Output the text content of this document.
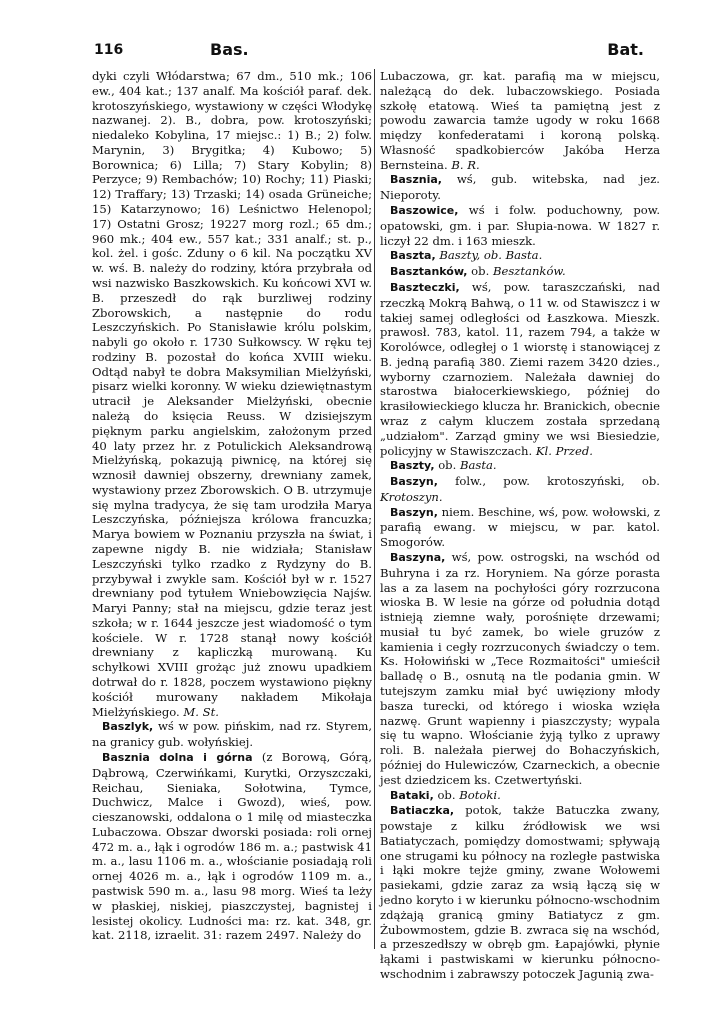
116	Bas.	Bat.

dyki czyli Włódarstwa; 67 dm., 510 mk.; 106 ew., 404 kat.; 137 analf. Ma kościół paraf. dek. krotoszyńskiego, wystawiony w części Włodykę nazwanej. 2). B., dobra, pow. krotoszyński; niedaleko Kobylina, 17 miejsc.: 1) B.; 2) folw. Marynin, 3) Brygitka; 4) Kubowo; 5) Borownica; 6) Lilla; 7) Stary Kobylin; 8) Perzyce; 9) Rembachów; 10) Rochy; 11) Piaski; 12) Traffary; 13) Trzaski; 14) osada Grüneiche; 15) Katarzynowo; 16) Leśnictwo Helenopol; 17) Ostatni Grosz; 19227 morg rozl.; 65 dm.; 960 mk.; 404 ew., 557 kat.; 331 analf.; st. p., kol. żel. i gośc. Zduny o 6 kil. Na początku XV w. wś. B. należy do rodziny, która przybrała od wsi nazwisko Baszkowskich. Ku końcowi XVI w. B. przeszedł do rąk burzliwej rodziny Zborowskich, a następnie do rodu Leszczyńskich. Po Stanisławie królu polskim, nabyli go około r. 1730 Sułkowscy. W ręku tej rodziny B. pozostał do końca XVIII wieku. Odtąd nabył te dobra Maksymilian Mielżyński, pisarz wielki koronny. W wieku dziewiętnastym utracił je Aleksander Mielżyński, obecnie należą do księcia Reuss. W dzisiejszym pięknym parku angielskim, założonym przed 40 laty przez hr. z Potulickich Aleksandrową Mielżyńską, pokazują piwnicę, na której się wznosił dawniej obszerny, drewniany zamek, wystawiony przez Zborowskich. O B. utrzymuje się mylna tradycya, że się tam urodziła Marya Leszczyńska, późniejsza królowa francuzka; Marya bowiem w Poznaniu przyszła na świat, i zapewne nigdy B. nie widziała; Stanisław Leszczyński tylko rzadko z Rydzyny do B. przybywał i zwykle sam. Kościół był w r. 1527 drewniany pod tytułem Wniebowzięcia Najśw. Maryi Panny; stał na miejscu, gdzie teraz jest szkoła; w r. 1644 jeszcze jest wiadomość o tym kościele. W r. 1728 stanął nowy kościół drewniany z kapliczką murowaną. Ku schyłkowi XVIII grożąc już znowu upadkiem dotrwał do r. 1828, poczem wystawiono piękny kościół murowany nakładem Mikołaja Mielżyńskiego. M. St.

Baszlyk, wś w pow. pińskim, nad rz. Styrem, na granicy gub. wołyńskiej.

Basznia dolna i górna (z Borową, Górą, Dąbrową, Czerwińkami, Kurytki, Orzyszczaki, Reichau, Sieniaka, Sołotwina, Tymce, Duchwicz, Malce i Gwozd), wieś, pow. cieszanowski, oddalona o 1 milę od miasteczka Lubaczowa. Obszar dworski posiada: roli ornej 472 m. a., łąk i ogrodów 186 m. a.; pastwisk 41 m. a., lasu 1106 m. a., włościanie posiadają roli ornej 4026 m. a., łąk i ogrodów 1109 m. a., pastwisk 590 m. a., lasu 98 morg. Wieś ta leży w płaskiej, niskiej, piaszczystej, bagnistej i lesistej okolicy. Ludności ma: rz. kat. 348, gr. kat. 2118, izraelit. 31: razem 2497. Należy do

Lubaczowa, gr. kat. parafią ma w miejscu, należącą do dek. lubaczowskiego. Posiada szkołę etatową. Wieś ta pamiętną jest z powodu zawarcia tamże ugody w roku 1668 między konfederatami i koroną polską. Własność spadkobierców Jakóba Herza Bernsteina. B. R.

Basznia, wś, gub. witebska, nad jez. Nieporoty.

Baszowice, wś i folw. poduchowny, pow. opatowski, gm. i par. Słupia-nowa. W 1827 r. liczył 22 dm. i 163 mieszk.

Baszta, Baszty, ob. Basta.

Basztanków, ob. Besztanków.

Baszteczki, wś, pow. taraszczański, nad rzeczką Mokrą Bahwą, o 11 w. od Stawiszcz i w takiej samej odległości od Łaszkowa. Mieszk. prawosł. 783, katol. 11, razem 794, a także w Korolówce, odległej o 1 wiorstę i stanowiącej z B. jedną parafią 380. Ziemi razem 3420 dzies., wyborny czarnoziem. Należała dawniej do starostwa białocerkiewskiego, później do krasiłowieckiego klucza hr. Branickich, obecnie wraz z całym kluczem została sprzedaną „udziałom". Zarząd gminy we wsi Biesiedzie, policyjny w Stawiszczach. Kl. Przed.

Baszty, ob. Basta.

Baszyn, folw., pow. krotoszyński, ob. Krotoszyn.

Baszyn, niem. Beschine, wś, pow. wołowski, z parafią ewang. w miejscu, w par. katol. Smogorów.

Baszyna, wś, pow. ostrogski, na wschód od Buhryna i za rz. Horyniem. Na górze porasta las a za lasem na pochyłości góry rozrzucona wioska B. W lesie na górze od południa dotąd istnieją ziemne wały, porośnięte drzewami; musiał tu być zamek, bo wiele gruzów z kamienia i cegły rozrzuconych świadczy o tem. Ks. Hołowiński w „Tece Rozmaitości" umieścił balladę o B., osnutą na tle podania gmin. W tutejszym zamku miał być uwięziony młody basza turecki, od którego i wioska wzięła nazwę. Grunt wapienny i piaszczysty; wypala się tu wapno. Włościanie żyją tylko z uprawy roli. B. należała pierwej do Bohaczyńskich, później do Hulewiczów, Czarneckich, a obecnie jest dziedzicem ks. Czetwertyński.

Bataki, ob. Botoki.

Batiaczka, potok, także Batuczka zwany, powstaje z kilku źródłowisk we wsi Batiatyczach, pomiędzy domostwami; spływają one strugami ku północy na rozległe pastwiska i łąki mokre tejże gminy, zwane Wołowemi pasiekami, gdzie zaraz za wsią łączą się w jedno koryto i w kierunku północno-wschodnim zdążają granicą gminy Batiatycz z gm. Żubowmostem, gdzie B. zwraca się na wschód, a przeszedłszy w obręb gm. Łapajówki, płynie łąkami i pastwiskami w kierunku północno-wschodnim i zabrawszy potoczek Jagunią zwa-
